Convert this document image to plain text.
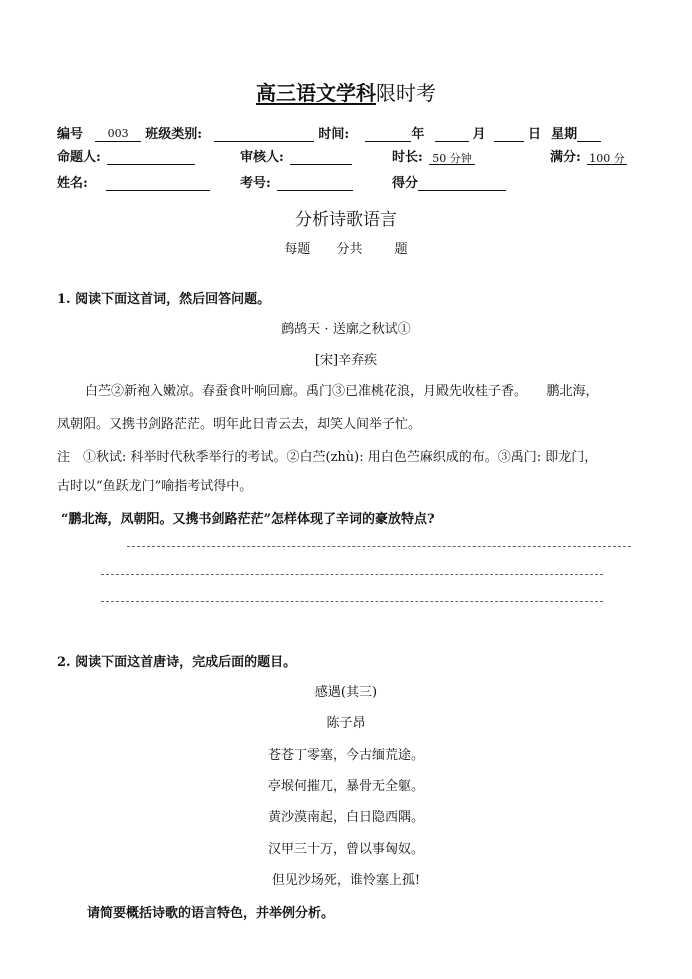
高三语文学科限时考
编号 003 班级类别:	时间:	年	月	日 星期
命题人:	审核人:	时长: 50 分钟	满分: 100 分
姓名:	考号:	得分
分析诗歌语言
每题 分共 题
1. 阅读下面这首词，然后回答问题。
鹧鸪天 · 送廓之秋试①
[宋]辛弃疾
白苎②新袍入嫩凉。春蚕食叶响回廊。禹门③已准桃花浪，月殿先收桂子香。　　鹏北海，
凤朝阳。又携书剑路茫茫。明年此日青云去，却笑人间举子忙。
注　①秋试: 科举时代秋季举行的考试。②白苎(zhù): 用白色苎麻织成的布。③禹门: 即龙门，
古时以“鱼跃龙门”喻指考试得中。
“鹏北海，凤朝阳。又携书剑路茫茫”怎样体现了辛词的豪放特点?
2. 阅读下面这首唐诗，完成后面的题目。
感遇(其三)
陈子昂
苍苍丁零塞，今古缅荒途。
亭堠何摧兀，暴骨无全躯。
黄沙漠南起，白日隐西隅。
汉甲三十万，曾以事匈奴。
但见沙场死，谁怜塞上孤!
请简要概括诗歌的语言特色，并举例分析。
